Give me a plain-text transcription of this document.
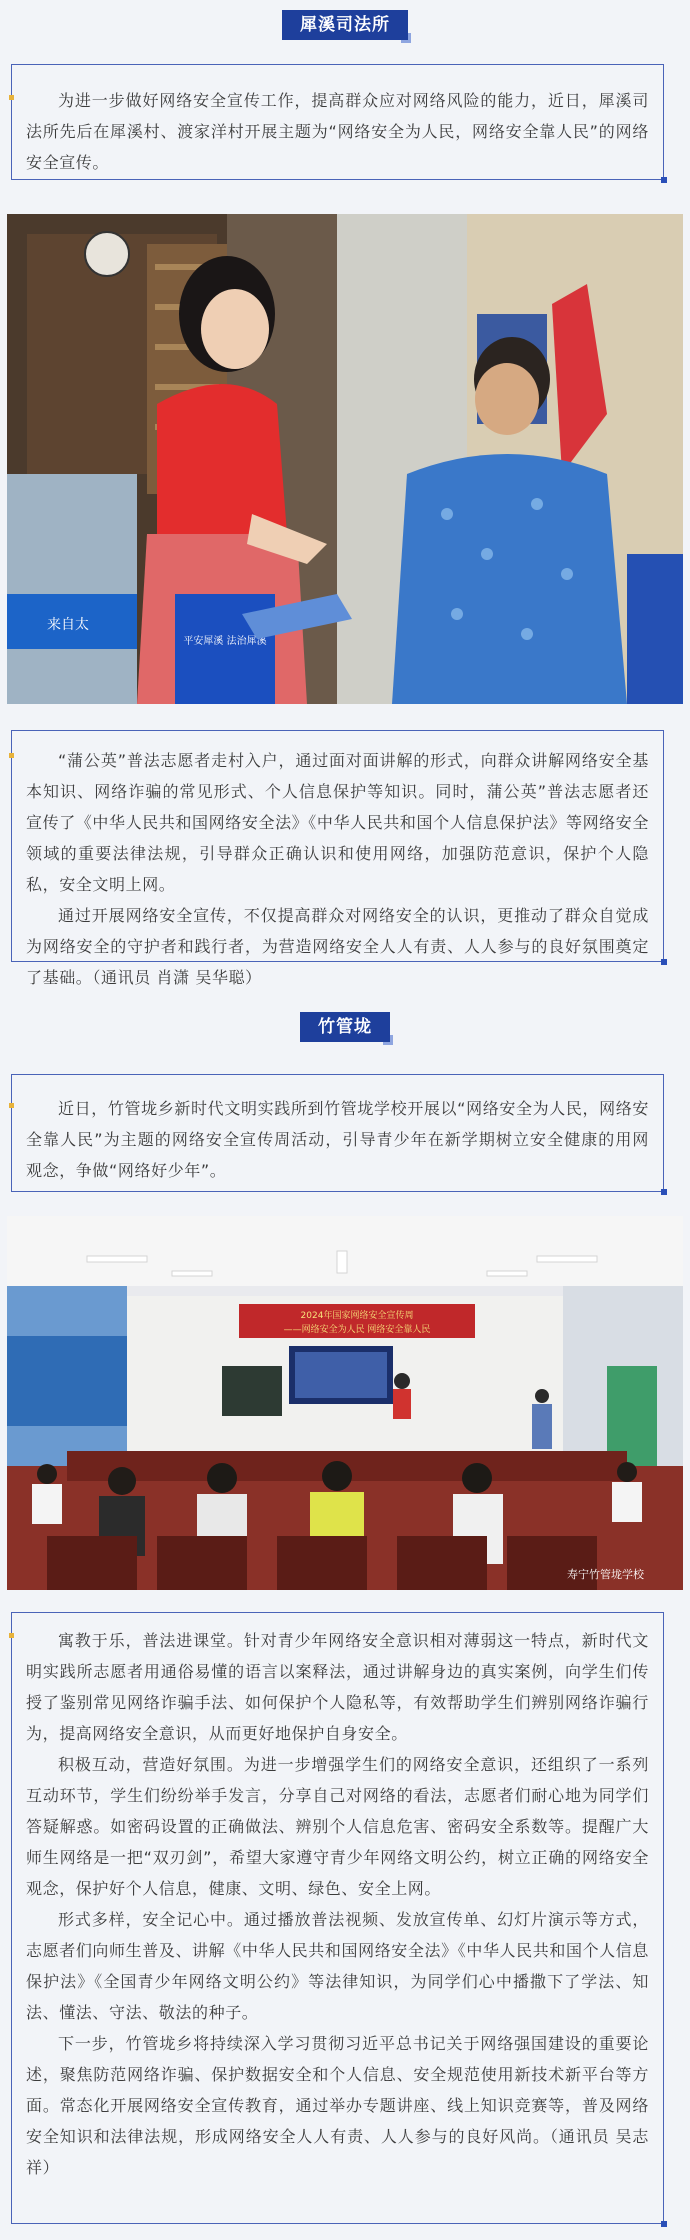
犀溪司法所

为进一步做好网络安全宣传工作，提高群众应对网络风险的能力，近日，犀溪司法所先后在犀溪村、渡家洋村开展主题为“网络安全为人民，网络安全靠人民”的网络安全宣传。

来自太
平安犀溪 法治犀溪

“蒲公英”普法志愿者走村入户，通过面对面讲解的形式，向群众讲解网络安全基本知识、网络诈骗的常见形式、个人信息保护等知识。同时，蒲公英”普法志愿者还宣传了《中华人民共和国网络安全法》《中华人民共和国个人信息保护法》等网络安全领域的重要法律法规，引导群众正确认识和使用网络，加强防范意识，保护个人隐私，安全文明上网。

通过开展网络安全宣传，不仅提高群众对网络安全的认识，更推动了群众自觉成为网络安全的守护者和践行者，为营造网络安全人人有责、人人参与的良好氛围奠定了基础。（通讯员 肖潇 吴华聪）

竹管垅

近日，竹管垅乡新时代文明实践所到竹管垅学校开展以“网络安全为人民，网络安全靠人民”为主题的网络安全宣传周活动，引导青少年在新学期树立安全健康的用网观念，争做“网络好少年”。

2024年国家网络安全宣传周
——网络安全为人民 网络安全靠人民
寿宁竹管垅学校

寓教于乐，普法进课堂。针对青少年网络安全意识相对薄弱这一特点，新时代文明实践所志愿者用通俗易懂的语言以案释法，通过讲解身边的真实案例，向学生们传授了鉴别常见网络诈骗手法、如何保护个人隐私等，有效帮助学生们辨别网络诈骗行为，提高网络安全意识，从而更好地保护自身安全。

积极互动，营造好氛围。为进一步增强学生们的网络安全意识，还组织了一系列互动环节，学生们纷纷举手发言，分享自己对网络的看法，志愿者们耐心地为同学们答疑解惑。如密码设置的正确做法、辨别个人信息危害、密码安全系数等。提醒广大师生网络是一把“双刃剑”，希望大家遵守青少年网络文明公约，树立正确的网络安全观念，保护好个人信息，健康、文明、绿色、安全上网。

形式多样，安全记心中。通过播放普法视频、发放宣传单、幻灯片演示等方式，志愿者们向师生普及、讲解《中华人民共和国网络安全法》《中华人民共和国个人信息保护法》《全国青少年网络文明公约》等法律知识，为同学们心中播撒下了学法、知法、懂法、守法、敬法的种子。

下一步，竹管垅乡将持续深入学习贯彻习近平总书记关于网络强国建设的重要论述，聚焦防范网络诈骗、保护数据安全和个人信息、安全规范使用新技术新平台等方面。常态化开展网络安全宣传教育，通过举办专题讲座、线上知识竞赛等，普及网络安全知识和法律法规，形成网络安全人人有责、人人参与的良好风尚。（通讯员 吴志祥）
